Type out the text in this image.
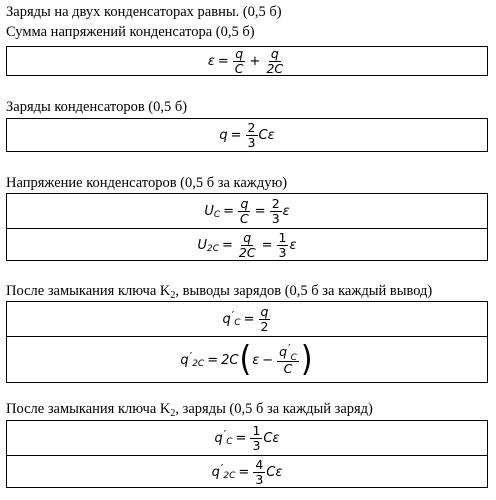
Заряды на двух конденсаторах равны. (0,5 б)
Сумма напряжений конденсатора (0,5 б)
$\varepsilon = \frac{q}{C} + \frac{q}{2C}$
Заряды конденсаторов (0,5 б)
$q = \frac{2}{3}$ Cε
Напряжение конденсаторов (0,5 б за каждую)
U $C = \frac{q}{C} = \frac{2}{3}$ ε
U $2C = \frac{q}{2C} = \frac{1}{3}$ ε
После замыкания ключа $K_2$, выводы зарядов (0,5 б за каждый вывод)
q ′
$C = \frac{q}{2}$
q ′
2C = 2C ( $\varepsilon - \frac{q'_C}{C}$ )
После замыкания ключа $K_2$, заряды (0,5 б за каждый заряд)
q ′
$C = \frac{1}{3}$ Cε
q ′
$2C = \frac{4}{3}$ Cε
